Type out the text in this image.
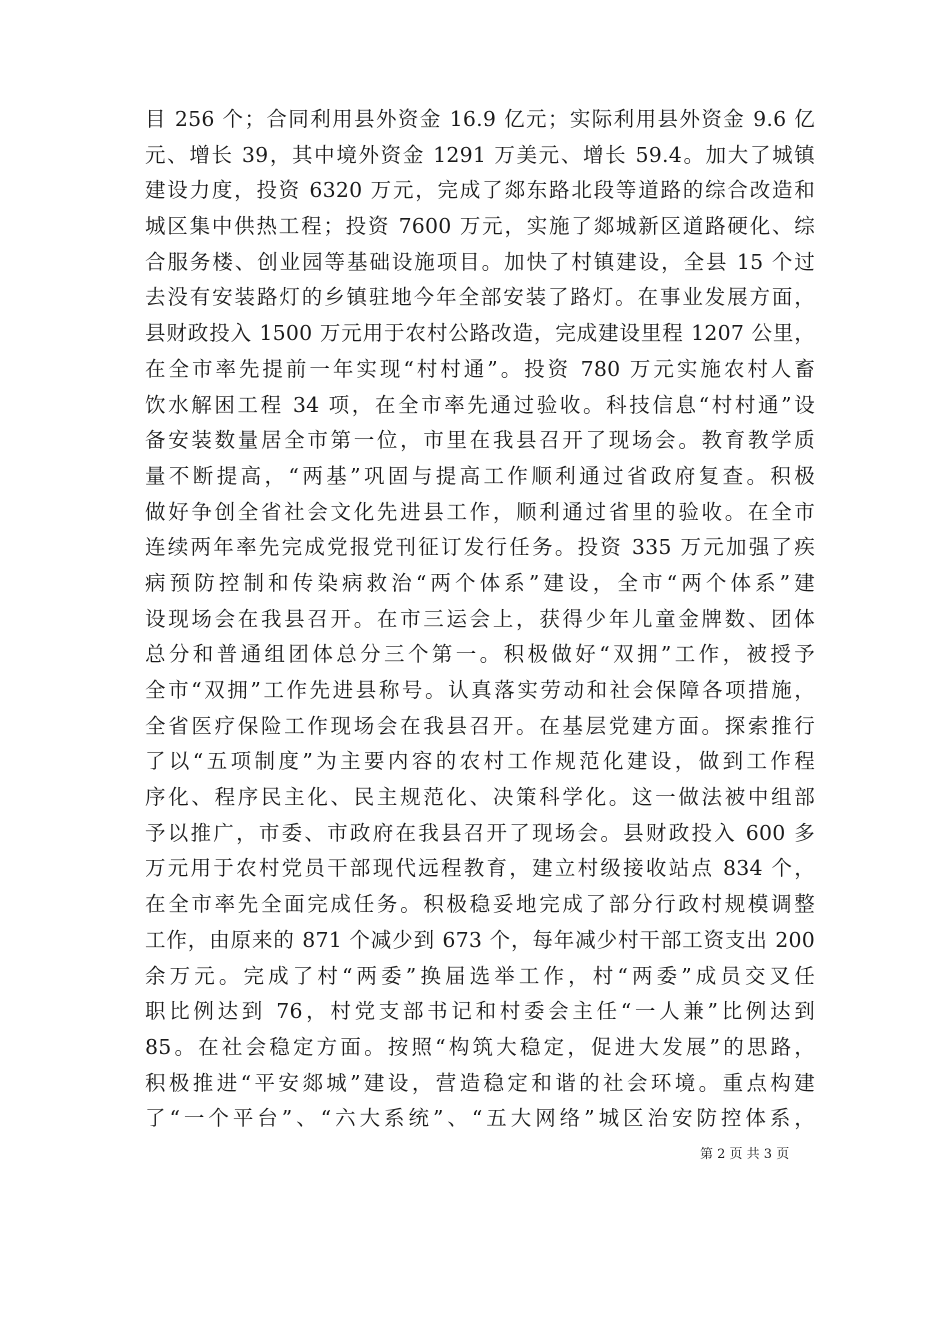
目 256 个；合同利用县外资金 16.9 亿元；实际利用县外资金 9.6 亿
元、增长 39，其中境外资金 1291 万美元、增长 59.4。加大了城镇
建设力度，投资 6320 万元，完成了郯东路北段等道路的综合改造和
城区集中供热工程；投资 7600 万元，实施了郯城新区道路硬化、综
合服务楼、创业园等基础设施项目。加快了村镇建设，全县 15 个过
去没有安装路灯的乡镇驻地今年全部安装了路灯。在事业发展方面，
县财政投入 1500 万元用于农村公路改造，完成建设里程 1207 公里，
在全市率先提前一年实现“村村通”。投资 780 万元实施农村人畜
饮水解困工程 34 项，在全市率先通过验收。科技信息“村村通”设
备安装数量居全市第一位，市里在我县召开了现场会。教育教学质
量不断提高，“两基”巩固与提高工作顺利通过省政府复查。积极
做好争创全省社会文化先进县工作，顺利通过省里的验收。在全市
连续两年率先完成党报党刊征订发行任务。投资 335 万元加强了疾
病预防控制和传染病救治“两个体系”建设，全市“两个体系”建
设现场会在我县召开。在市三运会上，获得少年儿童金牌数、团体
总分和普通组团体总分三个第一。积极做好“双拥”工作，被授予
全市“双拥”工作先进县称号。认真落实劳动和社会保障各项措施，
全省医疗保险工作现场会在我县召开。在基层党建方面。探索推行
了以“五项制度”为主要内容的农村工作规范化建设，做到工作程
序化、程序民主化、民主规范化、决策科学化。这一做法被中组部
予以推广，市委、市政府在我县召开了现场会。县财政投入 600 多
万元用于农村党员干部现代远程教育，建立村级接收站点 834 个，
在全市率先全面完成任务。积极稳妥地完成了部分行政村规模调整
工作，由原来的 871 个减少到 673 个，每年减少村干部工资支出 200
余万元。完成了村“两委”换届选举工作，村“两委”成员交叉任
职比例达到 76，村党支部书记和村委会主任“一人兼”比例达到
85。在社会稳定方面。按照“构筑大稳定，促进大发展”的思路，
积极推进“平安郯城”建设，营造稳定和谐的社会环境。重点构建
了“一个平台”、“六大系统”、“五大网络”城区治安防控体系，
第 2 页 共 3 页
